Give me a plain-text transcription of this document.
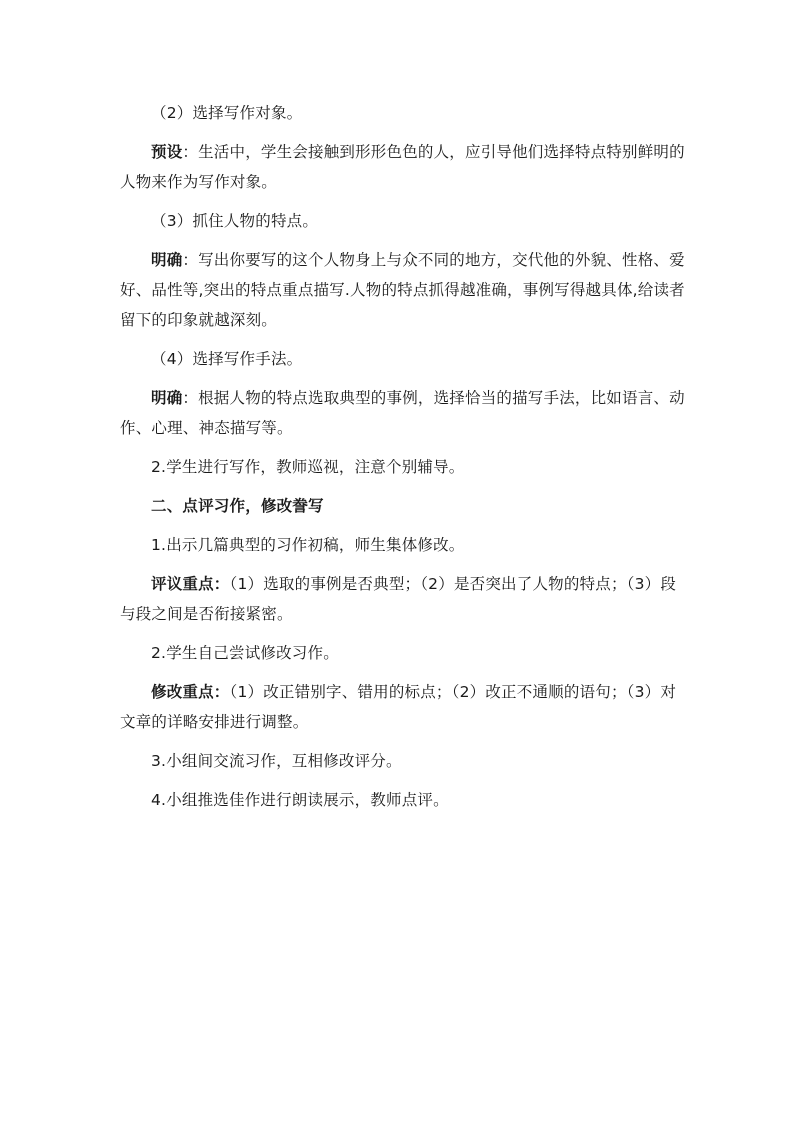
（2）选择写作对象。

预设：生活中，学生会接触到形形色色的人，应引导他们选择特点特别鲜明的人物来作为写作对象。

（3）抓住人物的特点。

明确：写出你要写的这个人物身上与众不同的地方，交代他的外貌、性格、爱好、品性等,突出的特点重点描写.人物的特点抓得越准确，事例写得越具体,给读者留下的印象就越深刻。

（4）选择写作手法。

明确：根据人物的特点选取典型的事例，选择恰当的描写手法，比如语言、动作、心理、神态描写等。

2.学生进行写作，教师巡视，注意个别辅导。

二、点评习作，修改誊写

1.出示几篇典型的习作初稿，师生集体修改。

评议重点：（1）选取的事例是否典型；（2）是否突出了人物的特点；（3）段与段之间是否衔接紧密。

2.学生自己尝试修改习作。

修改重点：（1）改正错别字、错用的标点；（2）改正不通顺的语句；（3）对文章的详略安排进行调整。

3.小组间交流习作，互相修改评分。

4.小组推选佳作进行朗读展示，教师点评。
